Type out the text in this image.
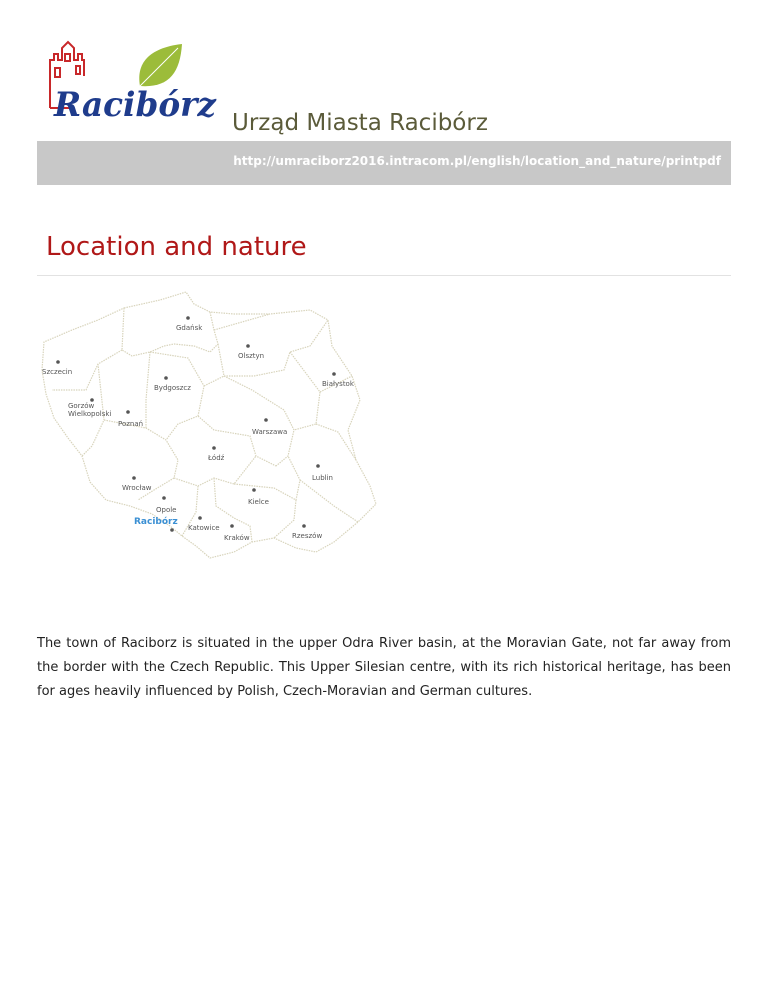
Racibórz Urząd Miasta Racibórz
http://umraciborz2016.intracom.pl/english/location_and_nature/printpdf
Location and nature
Gdańsk
Olsztyn
Szczecin
Bydgoszcz	Białystok
Gorzów
Wielkopolski
Poznań
Warszawa
Łódź
Lublin
Wrocław
Kielce
Opole
Racibórz
Katowice
Kraków	Rzeszów

The town of Raciborz is situated in the upper Odra River basin, at the Moravian Gate, not far away from the border with the Czech Republic. This Upper Silesian centre, with its rich historical heritage, has been for ages heavily influenced by Polish, Czech-Moravian and German cultures.
